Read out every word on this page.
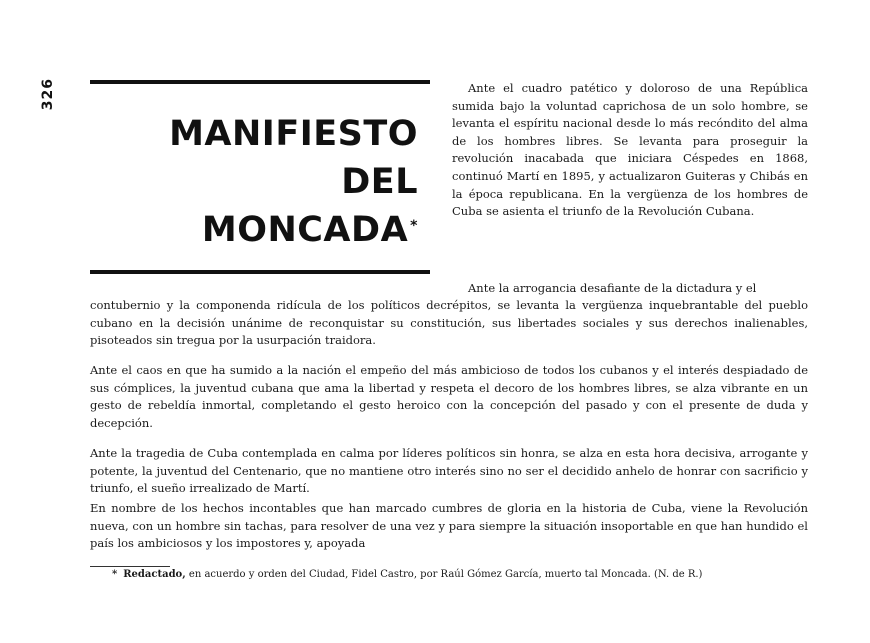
326
MANIFIESTO
DEL
MONCADA *

Ante el cuadro patético y doloroso de una República sumida bajo la voluntad caprichosa de un solo hombre, se levanta el espíritu nacional desde lo más recóndito del alma de los hombres libres. Se levanta para proseguir la revolución inacabada que iniciara Céspedes en 1868, continuó Martí en 1895, y actualizaron Guiteras y Chibás en la época republicana. En la vergüenza de los hombres de Cuba se asienta el triunfo de la Revolución Cubana.

Ante la arrogancia desafiante de la dictadura y el

contubernio y la componenda ridícula de los políticos decrépitos, se levanta la vergüenza inquebrantable del pueblo cubano en la decisión unánime de reconquistar su constitución, sus libertades sociales y sus derechos inalienables, pisoteados sin tregua por la usurpación traidora.

Ante el caos en que ha sumido a la nación el empeño del más ambicioso de todos los cubanos y el interés despiadado de sus cómplices, la juventud cubana que ama la libertad y respeta el decoro de los hombres libres, se alza vibrante en un gesto de rebeldía inmortal, completando el gesto heroico con la concepción del pasado y con el presente de duda y decepción.

Ante la tragedia de Cuba contemplada en calma por líderes políticos sin honra, se alza en esta hora decisiva, arrogante y potente, la juventud del Centenario, que no mantiene otro interés sino no ser el decidido anhelo de honrar con sacrificio y triunfo, el sueño irrealizado de Martí.

En nombre de los hechos incontables que han marcado cumbres de gloria en la historia de Cuba, viene la Revolución nueva, con un hombre sin tachas, para resolver de una vez y para siempre la situación insoportable en que han hundido el país los ambiciosos y los impostores y, apoyada

* Redactado, en acuerdo y orden del Ciudad, Fidel Castro, por Raúl Gómez García, muerto tal Moncada. (N. de R.)
